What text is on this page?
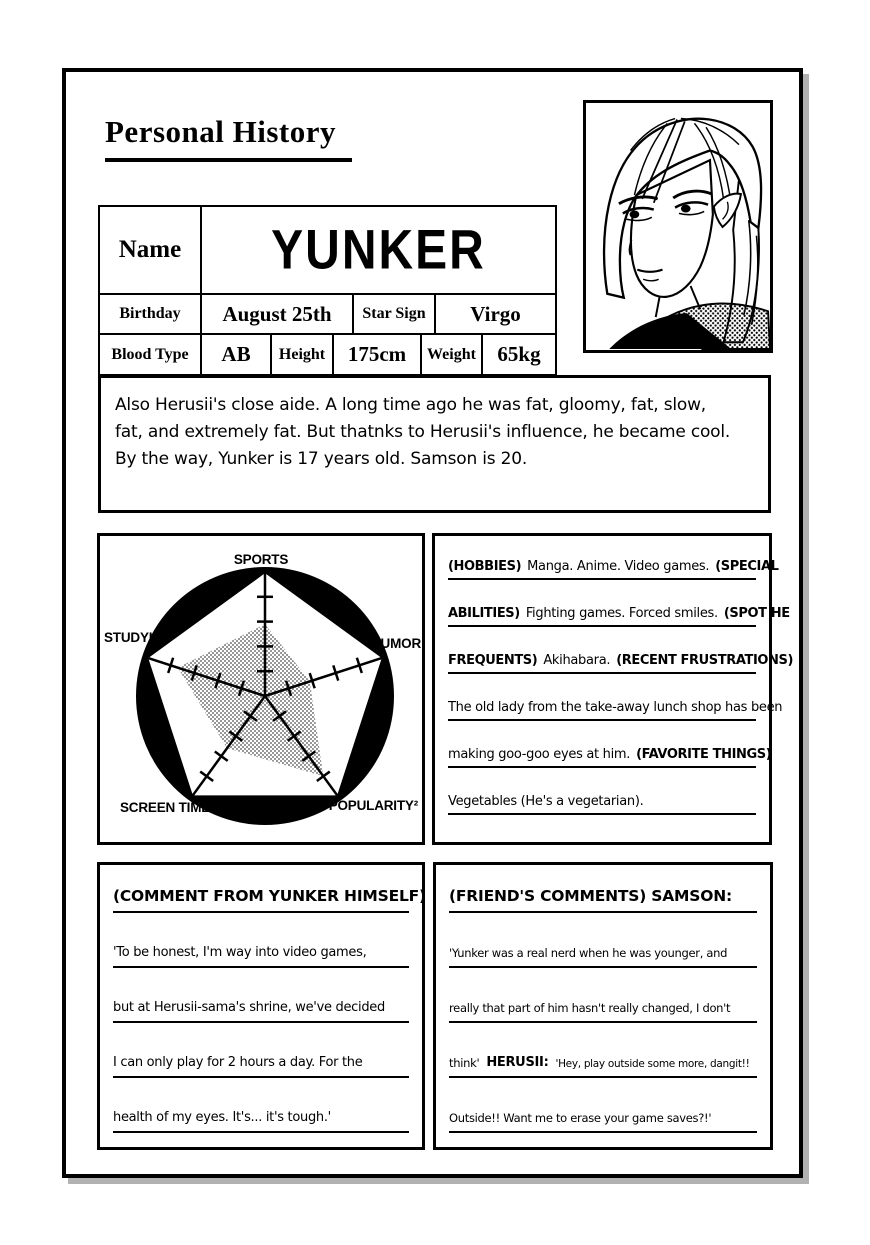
Personal History
Name	YUNKER
Birthday	August 25th	Star Sign	Virgo
Blood Type	AB	Height	175cm	Weight	65kg
Also Herusii's close aide. A long time ago he was fat, gloomy, fat, slow,
fat, and extremely fat. But thatnks to Herusii's influence, he became cool.
By the way, Yunker is 17 years old. Samson is 20.
SPORTS
HUMOR
POPULARITY²
SCREEN TIME
STUDYING
(HOBBIES) Manga. Anime. Video games. (SPECIAL
ABILITIES) Fighting games. Forced smiles. (SPOT HE
FREQUENTS) Akihabara. (RECENT FRUSTRATIONS)
The old lady from the take-away lunch shop has been
making goo-goo eyes at him. (FAVORITE THINGS)
Vegetables (He's a vegetarian).
(COMMENT FROM YUNKER HIMSELF)
'To be honest, I'm way into video games,
but at Herusii-sama's shrine, we've decided
I can only play for 2 hours a day. For the
health of my eyes. It's... it's tough.'
(FRIEND'S COMMENTS) SAMSON:
'Yunker was a real nerd when he was younger, and
really that part of him hasn't really changed, I don't
think' HERUSII: 'Hey, play outside some more, dangit!!
Outside!! Want me to erase your game saves?!'
